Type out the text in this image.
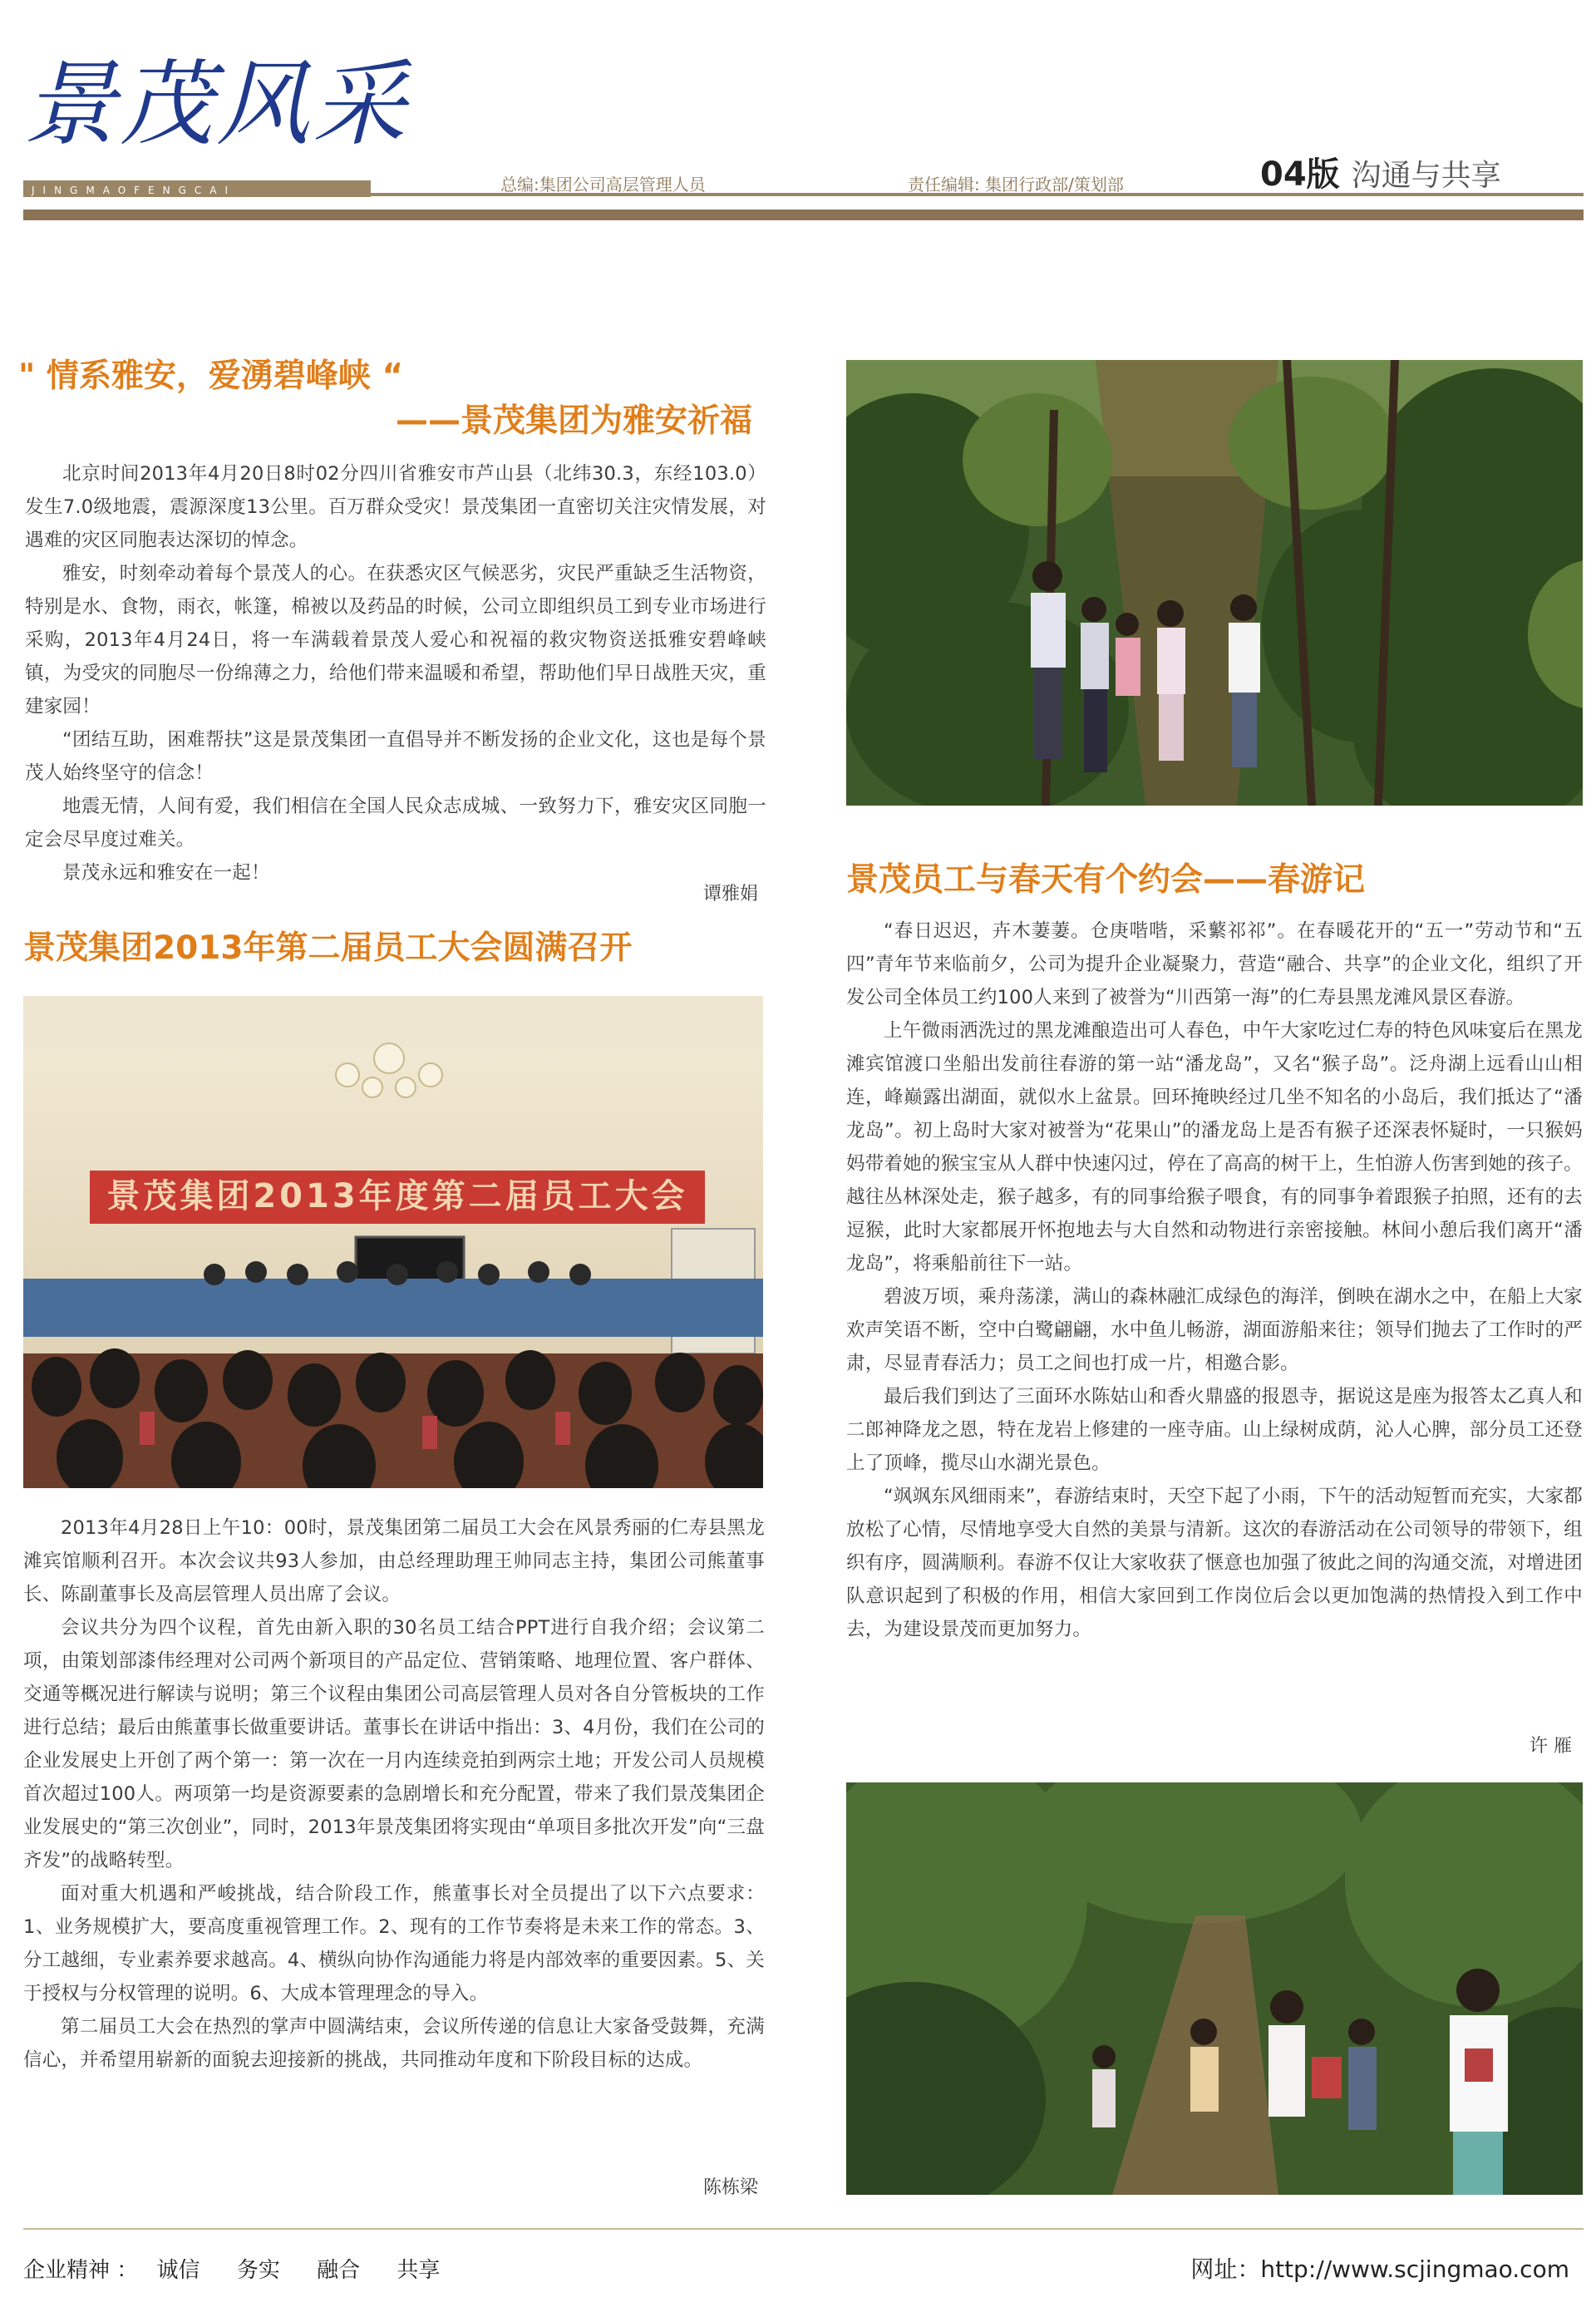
景茂风采
JINGMAOFENGCAI	总编:集团公司高层管理人员	责任编辑: 集团行政部/策划部	04版 沟通与共享
" 情系雅安，爱湧碧峰峡 “
——景茂集团为雅安祈福

北京时间2013年4月20日8时02分四川省雅安市芦山县（北纬30.3，东经103.0）发生7.0级地震，震源深度13公里。百万群众受灾！景茂集团一直密切关注灾情发展，对遇难的灾区同胞表达深切的悼念。

雅安，时刻牵动着每个景茂人的心。在获悉灾区气候恶劣，灾民严重缺乏生活物资，特别是水、食物，雨衣，帐篷，棉被以及药品的时候，公司立即组织员工到专业市场进行采购，2013年4月24日，将一车满载着景茂人爱心和祝福的救灾物资送抵雅安碧峰峡镇，为受灾的同胞尽一份绵薄之力，给他们带来温暖和希望，帮助他们早日战胜天灾，重建家园！

“团结互助，困难帮扶”这是景茂集团一直倡导并不断发扬的企业文化，这也是每个景茂人始终坚守的信念！

地震无情，人间有爱，我们相信在全国人民众志成城、一致努力下，雅安灾区同胞一定会尽早度过难关。

景茂永远和雅安在一起！

谭雅娟
景茂集团2013年第二届员工大会圆满召开
景茂集团2013年度第二届员工大会

2013年4月28日上午10：00时，景茂集团第二届员工大会在风景秀丽的仁寿县黑龙滩宾馆顺利召开。本次会议共93人参加，由总经理助理王帅同志主持，集团公司熊董事长、陈副董事长及高层管理人员出席了会议。

会议共分为四个议程，首先由新入职的30名员工结合PPT进行自我介绍；会议第二项，由策划部漆伟经理对公司两个新项目的产品定位、营销策略、地理位置、客户群体、交通等概况进行解读与说明；第三个议程由集团公司高层管理人员对各自分管板块的工作进行总结；最后由熊董事长做重要讲话。董事长在讲话中指出：3、4月份，我们在公司的企业发展史上开创了两个第一：第一次在一月内连续竞拍到两宗土地；开发公司人员规模首次超过100人。两项第一均是资源要素的急剧增长和充分配置，带来了我们景茂集团企业发展史的“第三次创业”，同时，2013年景茂集团将实现由“单项目多批次开发”向“三盘齐发”的战略转型。

面对重大机遇和严峻挑战，结合阶段工作，熊董事长对全员提出了以下六点要求：1、业务规模扩大，要高度重视管理工作。2、现有的工作节奏将是未来工作的常态。3、分工越细，专业素养要求越高。4、横纵向协作沟通能力将是内部效率的重要因素。5、关于授权与分权管理的说明。6、大成本管理理念的导入。

第二届员工大会在热烈的掌声中圆满结束，会议所传递的信息让大家备受鼓舞，充满信心，并希望用崭新的面貌去迎接新的挑战，共同推动年度和下阶段目标的达成。

陈栋梁
景茂员工与春天有个约会——春游记

“春日迟迟，卉木萋萋。仓庚喈喈，采蘩祁祁”。在春暖花开的“五一”劳动节和“五四”青年节来临前夕，公司为提升企业凝聚力，营造“融合、共享”的企业文化，组织了开发公司全体员工约100人来到了被誉为“川西第一海”的仁寿县黑龙滩风景区春游。

上午微雨洒洗过的黑龙滩酿造出可人春色，中午大家吃过仁寿的特色风味宴后在黑龙滩宾馆渡口坐船出发前往春游的第一站“潘龙岛”，又名“猴子岛”。泛舟湖上远看山山相连，峰巅露出湖面，就似水上盆景。回环掩映经过几坐不知名的小岛后，我们抵达了“潘龙岛”。初上岛时大家对被誉为“花果山”的潘龙岛上是否有猴子还深表怀疑时，一只猴妈妈带着她的猴宝宝从人群中快速闪过，停在了高高的树干上，生怕游人伤害到她的孩子。越往丛林深处走，猴子越多，有的同事给猴子喂食，有的同事争着跟猴子拍照，还有的去逗猴，此时大家都展开怀抱地去与大自然和动物进行亲密接触。林间小憩后我们离开“潘龙岛”，将乘船前往下一站。

碧波万顷，乘舟荡漾，满山的森林融汇成绿色的海洋，倒映在湖水之中，在船上大家欢声笑语不断，空中白鹭翩翩，水中鱼儿畅游，湖面游船来往；领导们抛去了工作时的严肃，尽显青春活力；员工之间也打成一片，相邀合影。

最后我们到达了三面环水陈姑山和香火鼎盛的报恩寺，据说这是座为报答太乙真人和二郎神降龙之恩，特在龙岩上修建的一座寺庙。山上绿树成荫，沁人心脾，部分员工还登上了顶峰，揽尽山水湖光景色。

“飒飒东风细雨来”，春游结束时，天空下起了小雨，下午的活动短暂而充实，大家都放松了心情，尽情地享受大自然的美景与清新。这次的春游活动在公司领导的带领下，组织有序，圆满顺利。春游不仅让大家收获了惬意也加强了彼此之间的沟通交流，对增进团队意识起到了积极的作用，相信大家回到工作岗位后会以更加饱满的热情投入到工作中去，为建设景茂而更加努力。

许 雁
企业精神 ： 诚信 务实 融合 共享	网址：http://www.scjingmao.com
